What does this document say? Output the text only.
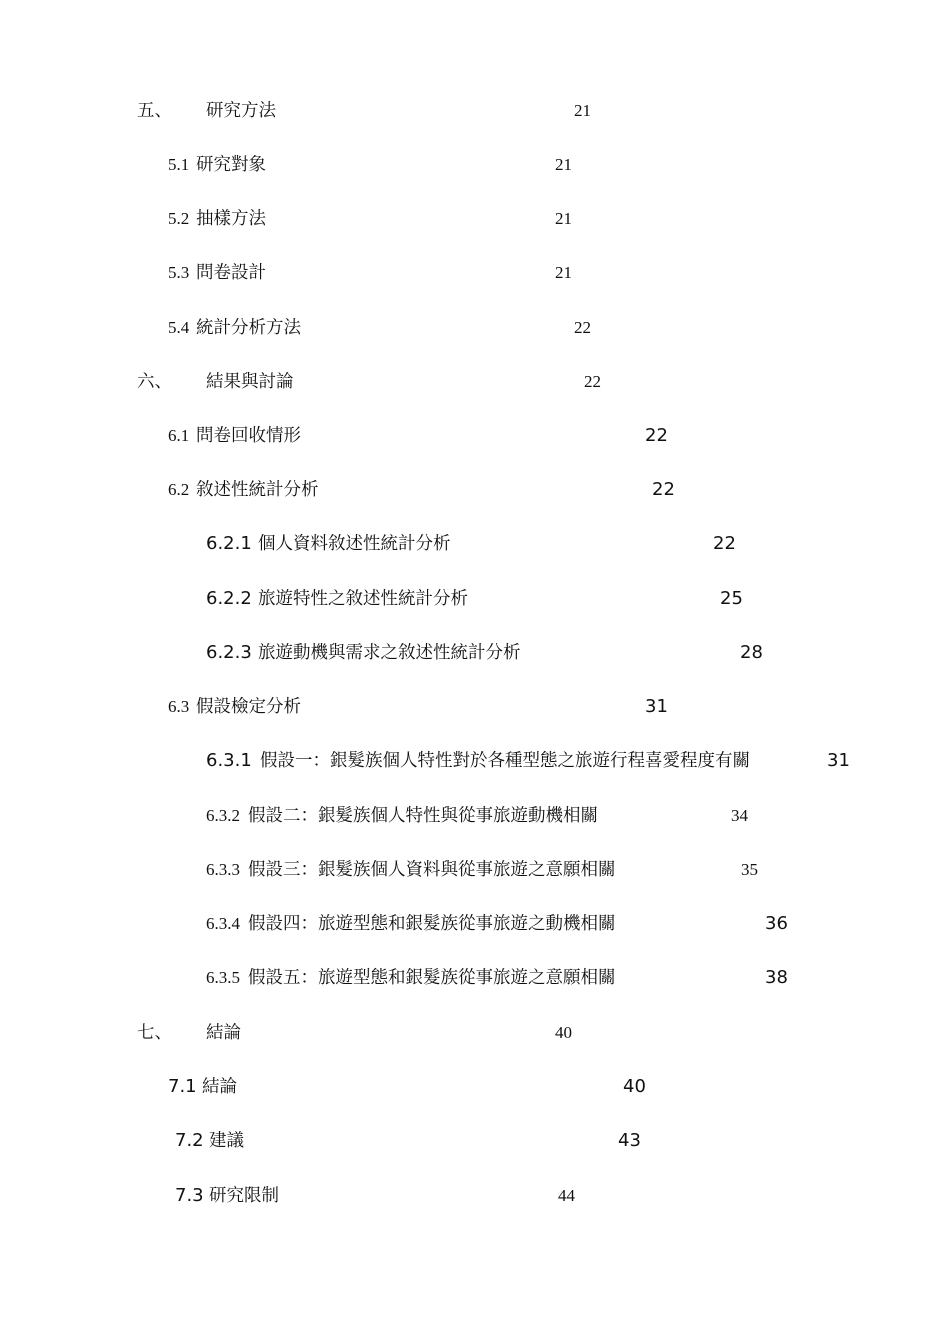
五、 研究方法	21
5.1 研究對象	21
5.2 抽樣方法	21
5.3 問卷設計	21
5.4 統計分析方法	22
六、 結果與討論	22
6.1 問卷回收情形	22
6.2 敘述性統計分析	22
6.2.1 個人資料敘述性統計分析	22
6.2.2 旅遊特性之敘述性統計分析	25
6.2.3 旅遊動機與需求之敘述性統計分析	28
6.3 假設檢定分析	31
6.3.1 假設一：銀髮族個人特性對於各種型態之旅遊行程喜愛程度有關	31
6.3.2 假設二：銀髮族個人特性與從事旅遊動機相關	34
6.3.3 假設三：銀髮族個人資料與從事旅遊之意願相關	35
6.3.4 假設四：旅遊型態和銀髮族從事旅遊之動機相關	36
6.3.5 假設五：旅遊型態和銀髮族從事旅遊之意願相關	38
七、 結論	40
7.1 結論	40
7.2 建議	43
7.3 研究限制	44
